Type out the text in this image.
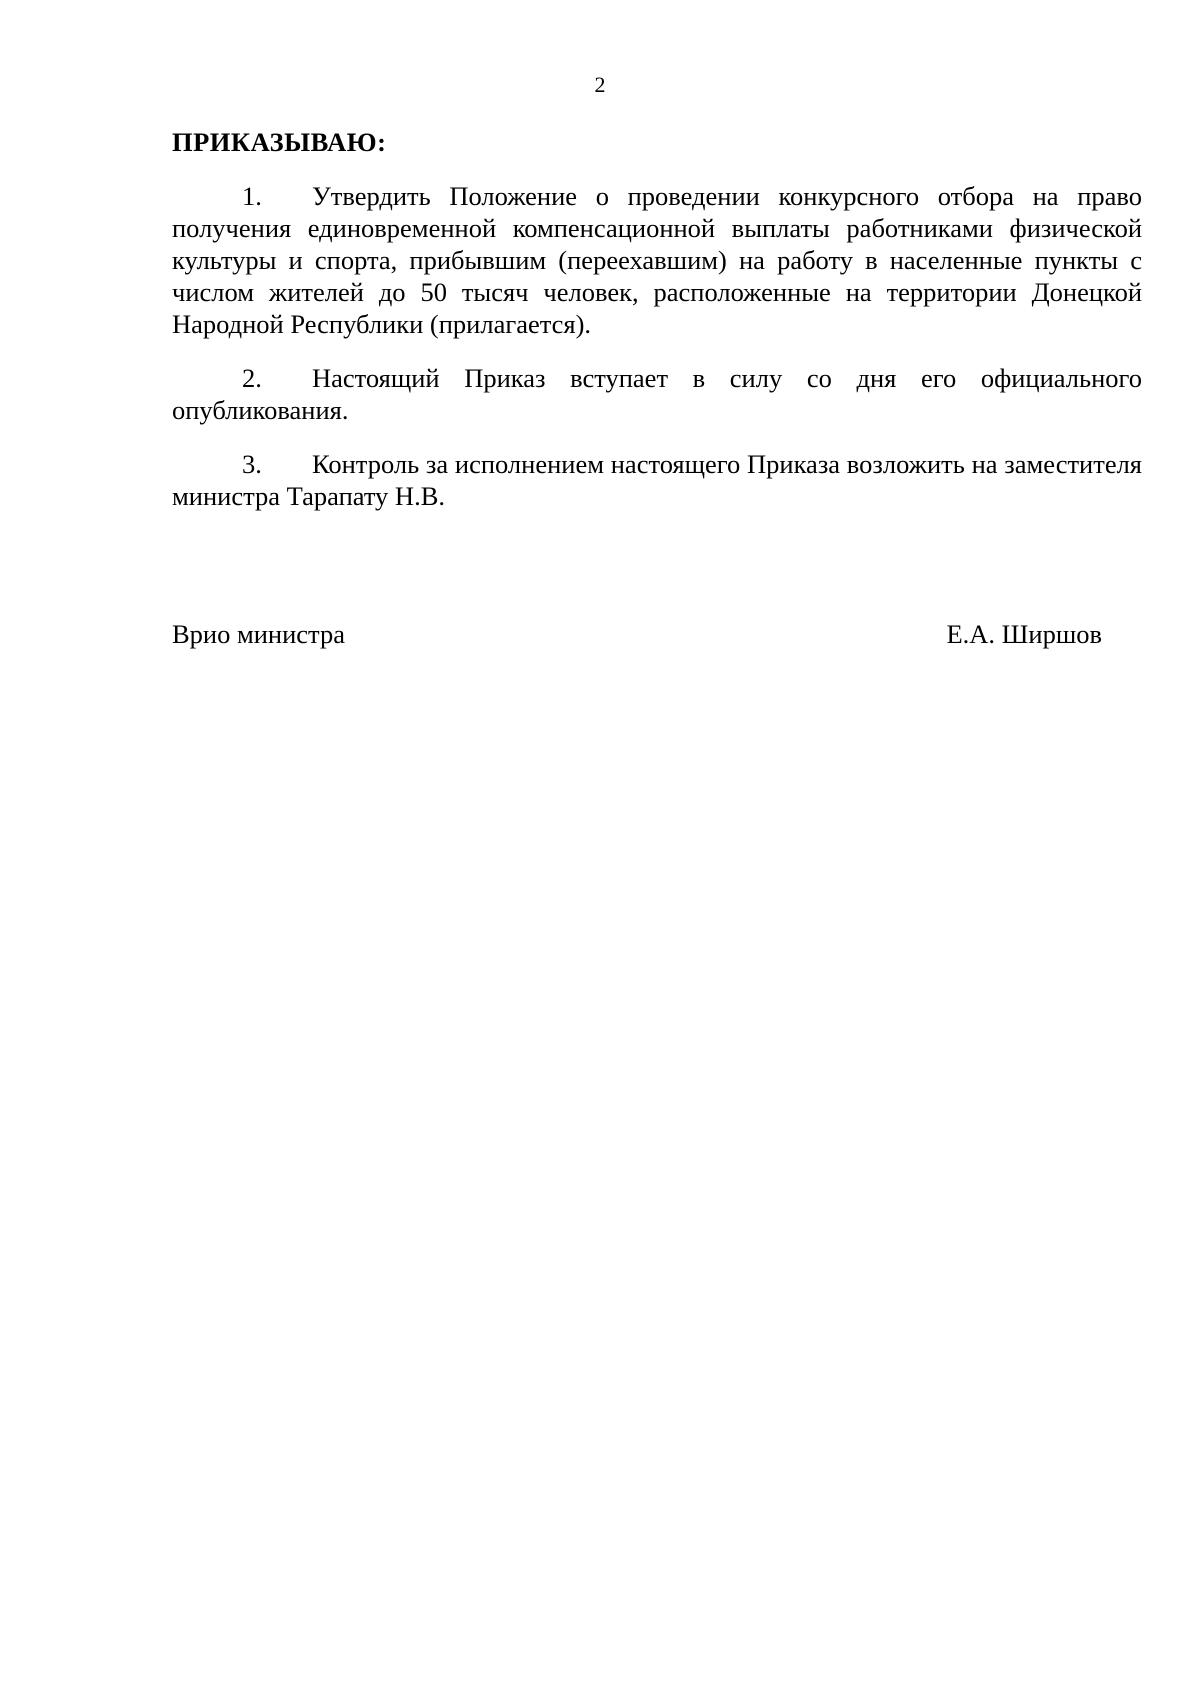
2
ПРИКАЗЫВАЮ:

1. Утвердить Положение о проведении конкурсного отбора на право получения единовременной компенсационной выплаты работниками физической культуры и спорта, прибывшим (переехавшим) на работу в населенные пункты с числом жителей до 50 тысяч человек, расположенные на территории Донецкой Народной Республики (прилагается).

2. Настоящий Приказ вступает в силу со дня его официального опубликования.

3. Контроль за исполнением настоящего Приказа возложить на заместителя министра Тарапату Н.В.

Врио министра	Е.А. Ширшов
